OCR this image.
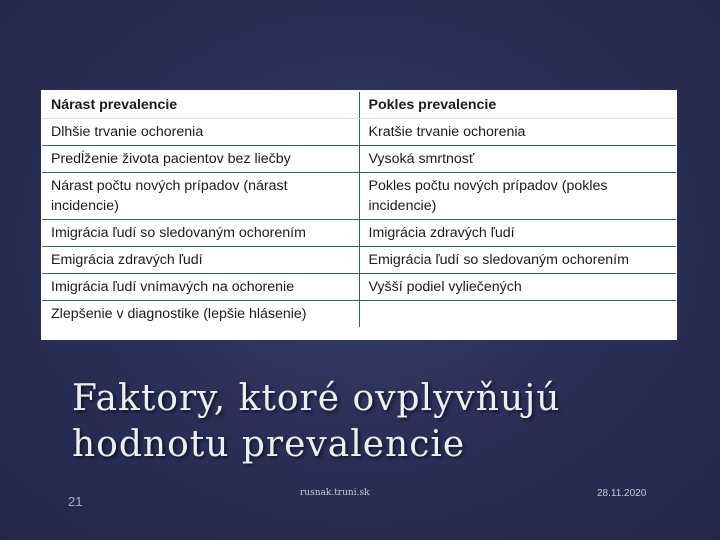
Nárast prevalencie	Pokles prevalencie
Dlhšie trvanie ochorenia	Kratšie trvanie ochorenia
Predĺženie života pacientov bez liečby	Vysoká smrtnosť
Nárast počtu nových prípadov (nárast incidencie)	Pokles počtu nových prípadov (pokles incidencie)
Imigrácia ľudí so sledovaným ochorením	Imigrácia zdravých ľudí
Emigrácia zdravých ľudí	Emigrácia ľudí so sledovaným ochorením
Imigrácia ľudí vnímavých na ochorenie	Vyšší podiel vyliečených
Zlepšenie v diagnostike (lepšie hlásenie)	
Faktory, ktoré ovplyvňujú hodnotu prevalencie
21
rusnak.truni.sk	28.11.2020
